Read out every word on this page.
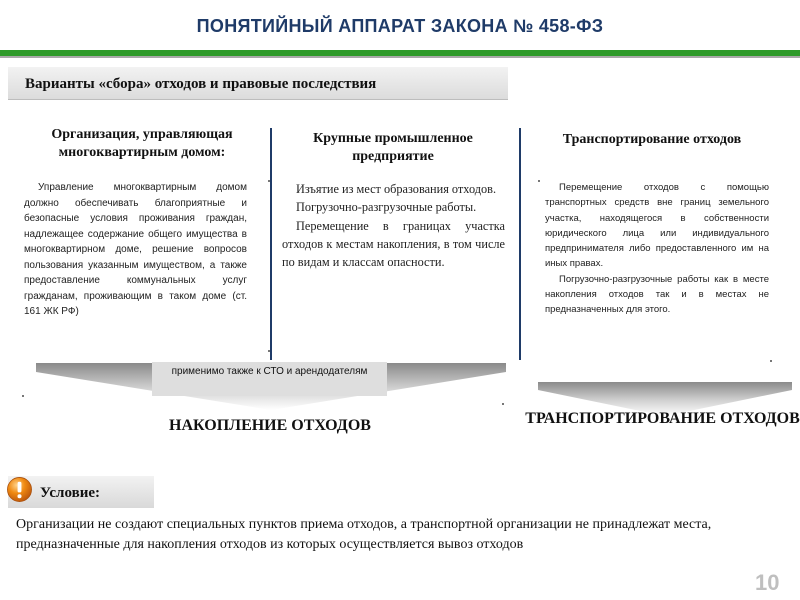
ПОНЯТИЙНЫЙ АППАРАТ ЗАКОНА № 458-ФЗ
Варианты «сбора» отходов и правовые последствия
Организация, управляющая многоквартирным домом:
Крупные промышленное предприятие
Транспортирование отходов

Управление многоквартирным домом должно обеспечивать благоприятные и безопасные условия проживания граждан, надлежащее содержание общего имущества в многоквартирном доме, решение вопросов пользования указанным имуществом, а также предоставление коммунальных услуг гражданам, проживающим в таком доме (ст. 161 ЖК РФ)

Изъятие из мест образования отходов.

Погрузочно-разгрузочные работы.

Перемещение в границах участка отходов к местам накопления, в том числе по видам и классам опасности.

Перемещение отходов с помощью транспортных средств вне границ земельного участка, находящегося в собственности юридического лица или индивидуального предпринимателя либо предоставленного им на иных правах.

Погрузочно-разгрузочные работы как в месте накопления отходов так и в местах не предназначенных для этого.

применимо также к СТО и арендодателям
НАКОПЛЕНИЕ ОТХОДОВ	ТРАНСПОРТИРОВАНИЕ ОТХОДОВ
Условие:
Организации не создают специальных пунктов приема отходов, а транспортной организации не принадлежат места, предназначенные для накопления отходов из которых осуществляется вывоз отходов
10
